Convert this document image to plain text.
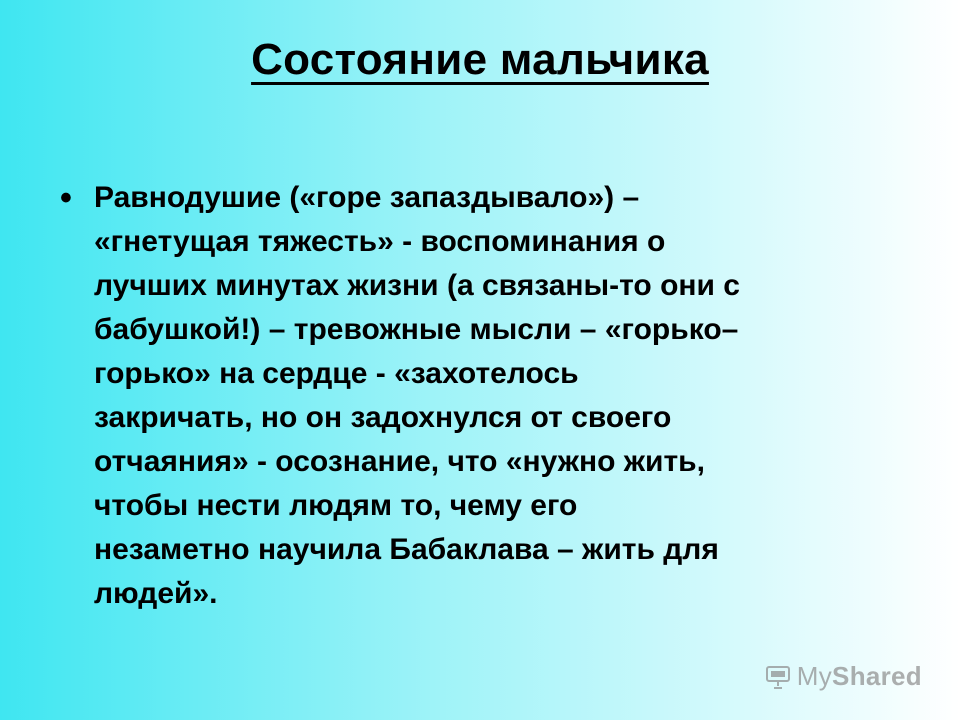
Состояние мальчика
• Равнодушие («горе запаздывало») –
«гнетущая тяжесть» - воспоминания о
лучших минутах жизни (а связаны-то они с
бабушкой!) – тревожные мысли – «горько–
горько» на сердце - «захотелось
закричать, но он задохнулся от своего
отчаяния» - осознание, что «нужно жить,
чтобы нести людям то, чему его
незаметно научила Бабаклава – жить для
людей».
MyShared
